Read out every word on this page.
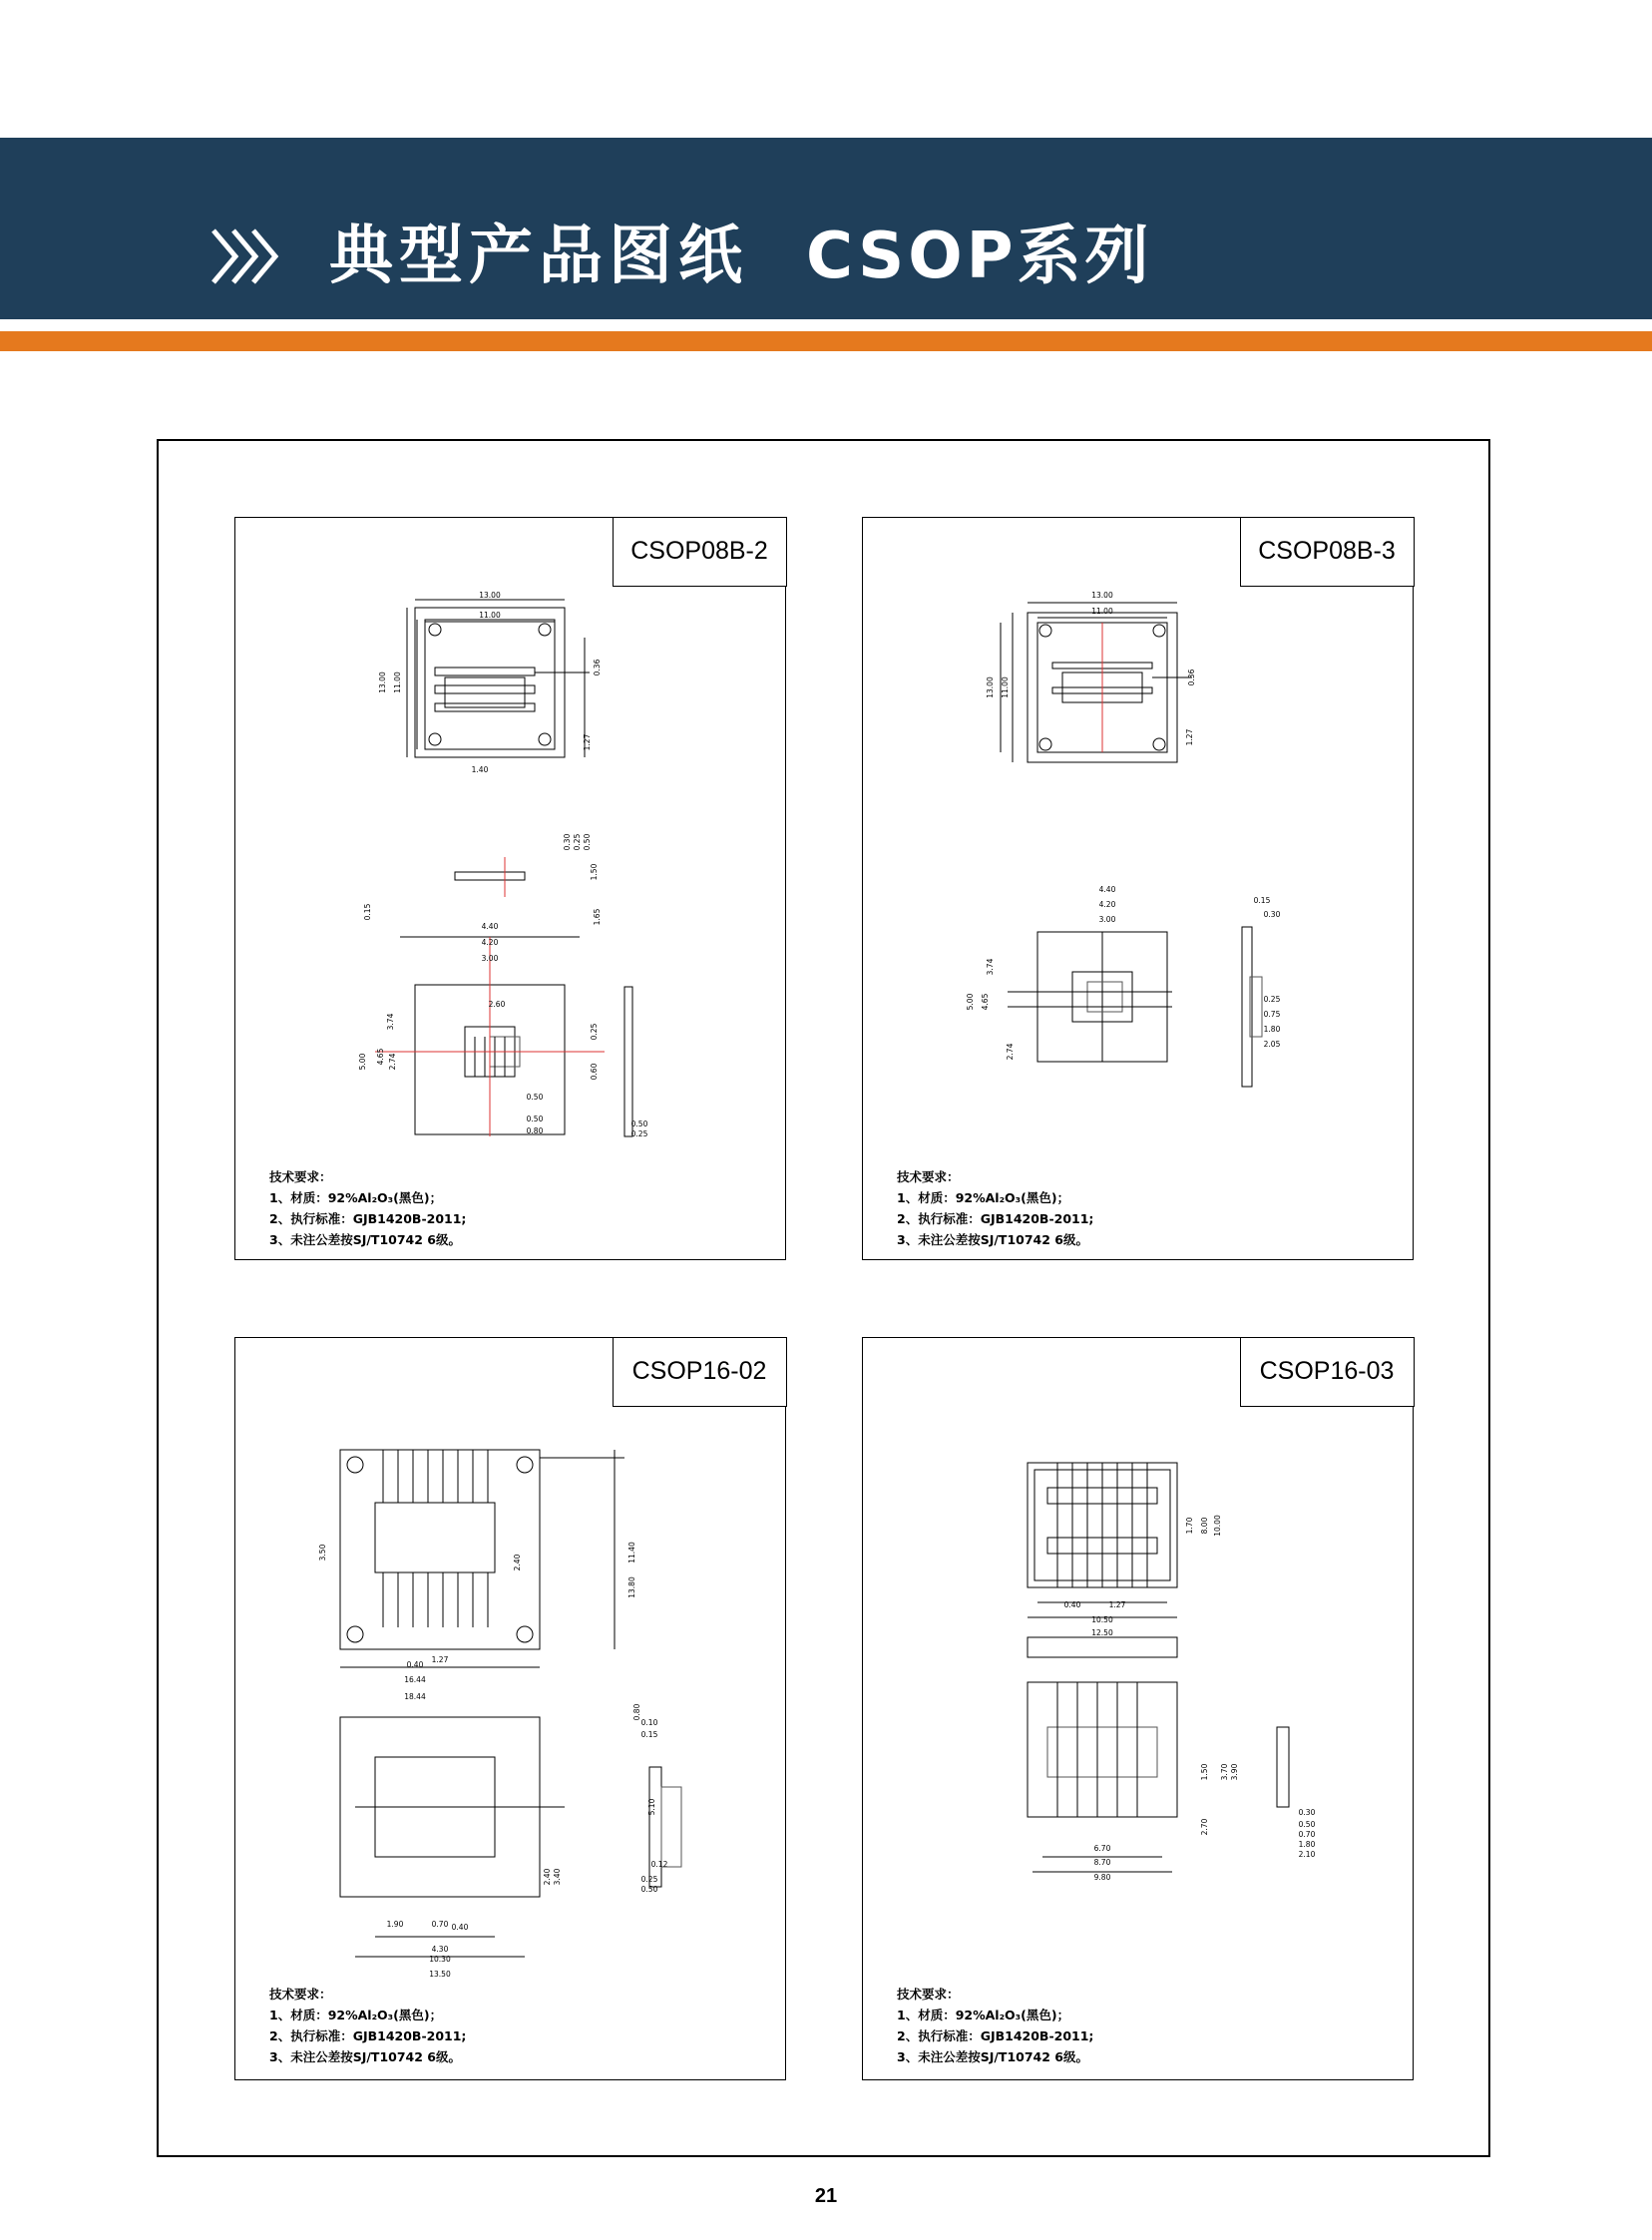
典型产品图纸 CSOP系列
CSOP08B-2
13.00
11.00
13.00 11.00
0.36
1.27
1.40
0.30 0.25 0.50
1.50
0.15	1.65
4.40
4.20
3.00
2.60
3.74
5.00 4.65 2.74
0.25
0.60
0.50
0.50
0.80
0.50
0.25
技术要求：
1、材质：92%Al₂O₃(黑色)；
2、执行标准：GJB1420B-2011;
3、未注公差按SJ/T10742 6级。
CSOP08B-3
13.00
11.00
13.00 11.00	0.36
1.27
4.40
4.20
3.00
3.74
5.00 4.65
2.74
0.15
0.30
0.25
0.75
1.80
2.05
技术要求：
1、材质：92%Al₂O₃(黑色)；
2、执行标准：GJB1420B-2011;
3、未注公差按SJ/T10742 6级。
CSOP16-02
11.40
13.80
2.40
3.50
0.40
1.27
16.44
18.44
0.10
0.15
0.12
0.25
0.50
0.80
5.10
2.40 3.40
0.70 0.40
4.30
10.30
13.50
1.90
技术要求：
1、材质：92%Al₂O₃(黑色)；
2、执行标准：GJB1420B-2011;
3、未注公差按SJ/T10742 6级。
CSOP16-03
1.70 8.00 10.00
0.40	1.27
10.50
12.50
1.50 3.70 3.90
2.70
6.70
8.70
9.80
0.30
0.50
0.70
1.80
2.10
技术要求：
1、材质：92%Al₂O₃(黑色)；
2、执行标准：GJB1420B-2011;
3、未注公差按SJ/T10742 6级。
21
